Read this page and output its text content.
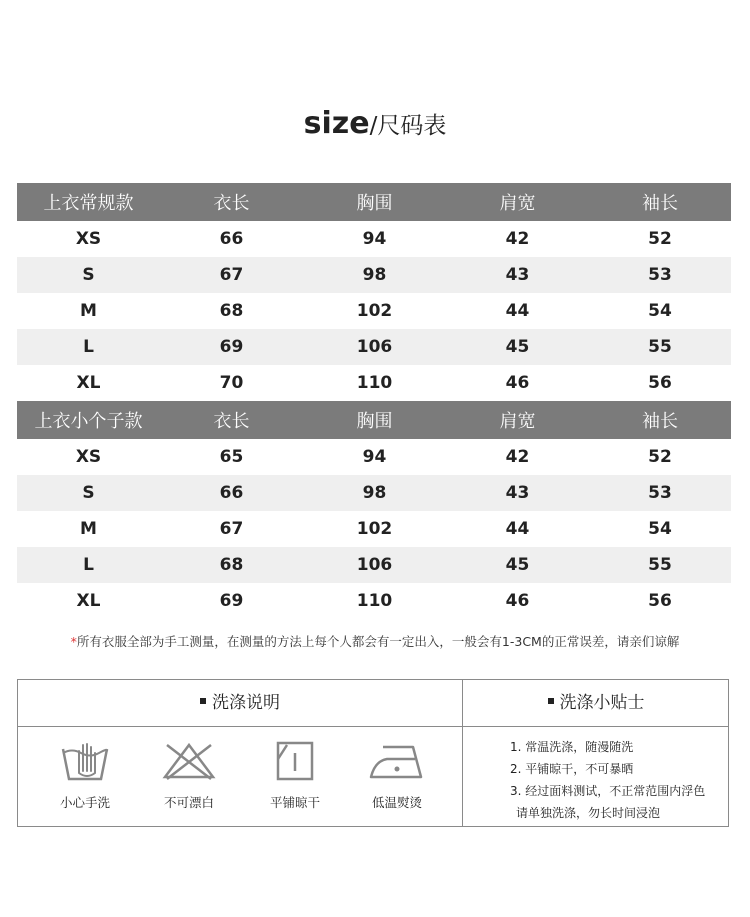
size/尺码表
上衣常规款	衣长	胸围	肩宽	袖长
XS	66	94	42	52
S	67	98	43	53
M	68	102	44	54
L	69	106	45	55
XL	70	110	46	56
上衣小个子款	衣长	胸围	肩宽	袖长
XS	65	94	42	52
S	66	98	43	53
M	67	102	44	54
L	68	106	45	55
XL	69	110	46	56
*所有衣服全部为手工测量，在测量的方法上每个人都会有一定出入，一般会有1-3CM的正常误差，请亲们谅解
洗涤说明	洗涤小贴士
小心手洗	不可漂白	平铺晾干	低温熨烫
1. 常温洗涤，随漫随洗
2. 平铺晾干，不可暴晒
3. 经过面料测试，不正常范围内浮色
请单独洗涤，勿长时间浸泡
